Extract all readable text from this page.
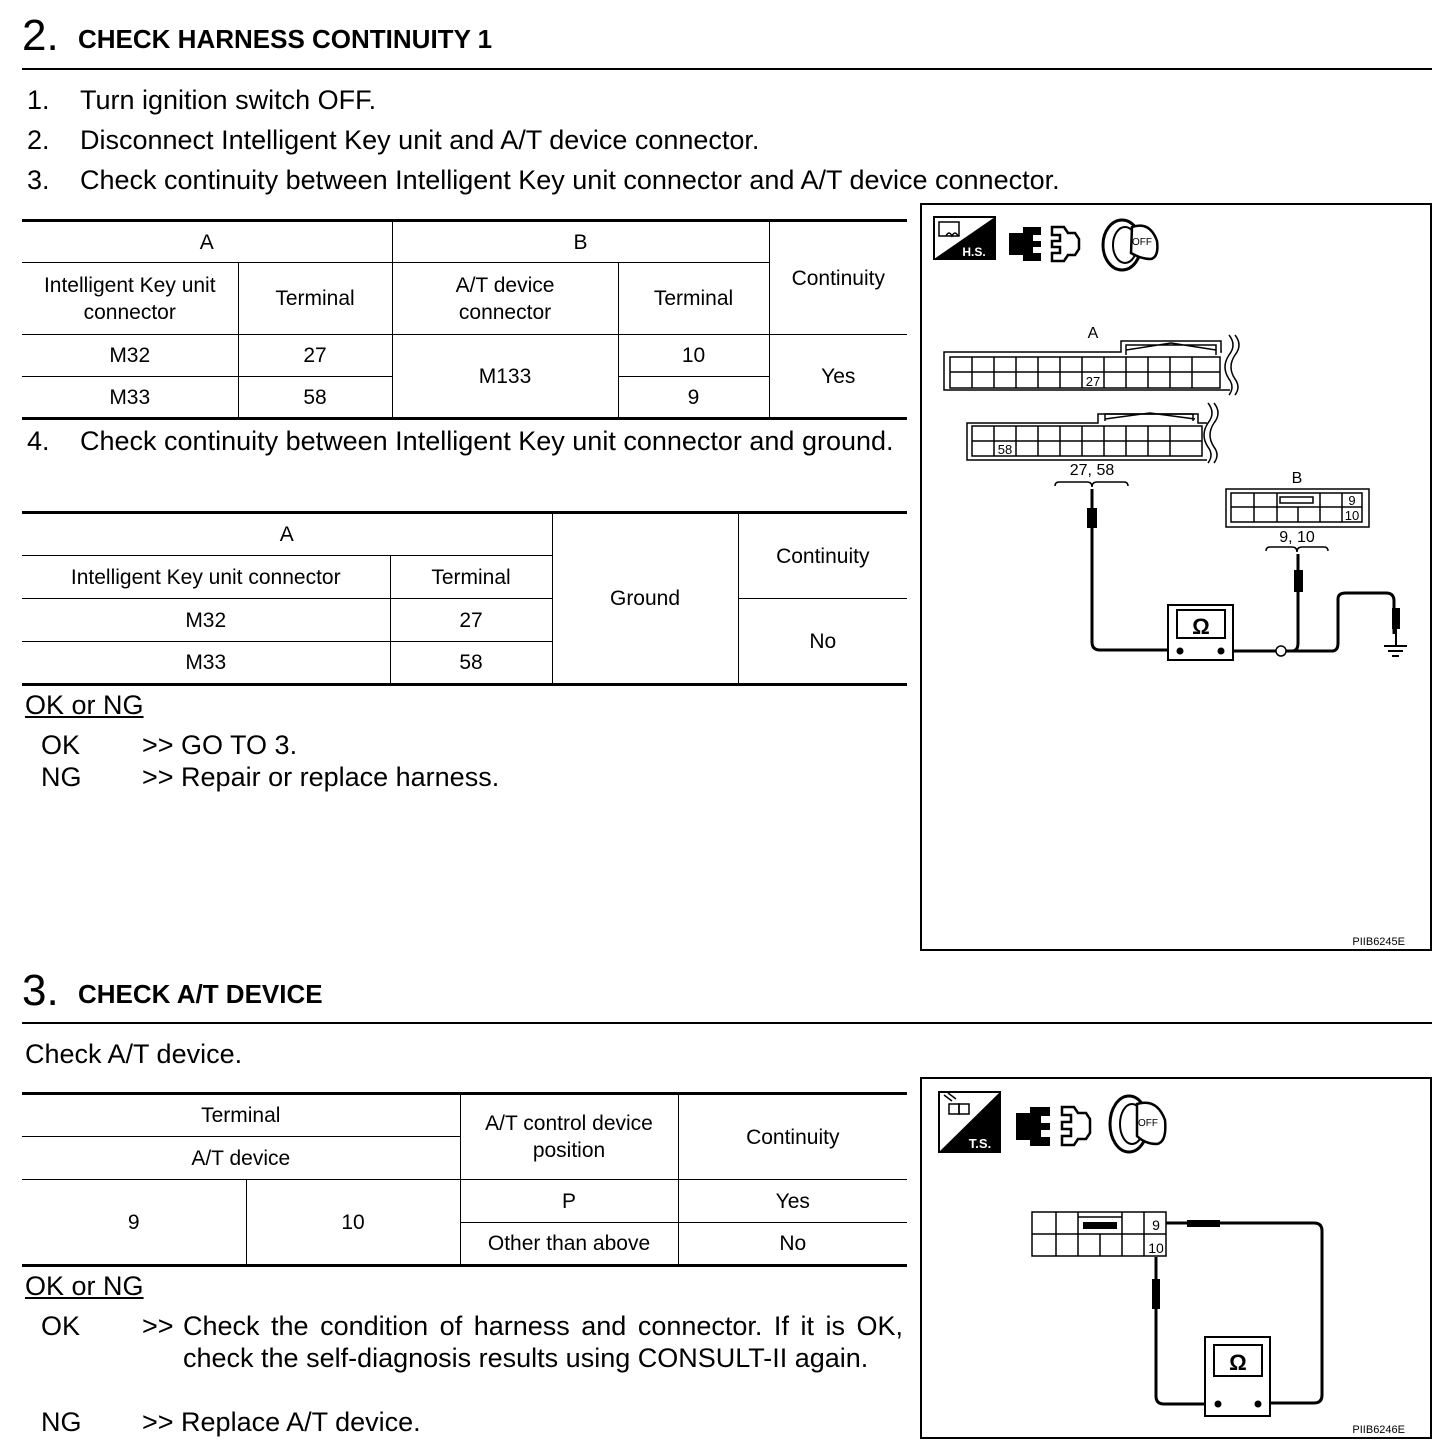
2. CHECK HARNESS CONTINUITY 1
1. Turn ignition switch OFF.
2. Disconnect Intelligent Key unit and A/T device connector.
3. Check continuity between Intelligent Key unit connector and A/T device connector.
A		B		Continuity
Intelligent Key unit connector	Terminal	A/T device connector	Terminal	
M32	27	M133	10	Yes
M33	58		9	
4. Check continuity between Intelligent Key unit connector and ground.
A		Ground	Continuity
Intelligent Key unit connector	Terminal		
M32	27		No
M33	58		
OK or NG
OK >> GO TO 3.
NG >> Repair or replace harness.
H.S.
OFF
A
27
58
27, 58	B
9
10
9, 10
Ω
PIIB6245E
3. CHECK A/T DEVICE
Check A/T device.
Terminal		A/T control device position	Continuity
A/T device			
9	10	P	Yes
		Other than above	No
OK or NG
OK >> Check the condition of harness and connector. If it is OK, check the self-diagnosis results using CONSULT-II again.
NG >> Replace A/T device.
T.S.
OFF
9
10
Ω
PIIB6246E
